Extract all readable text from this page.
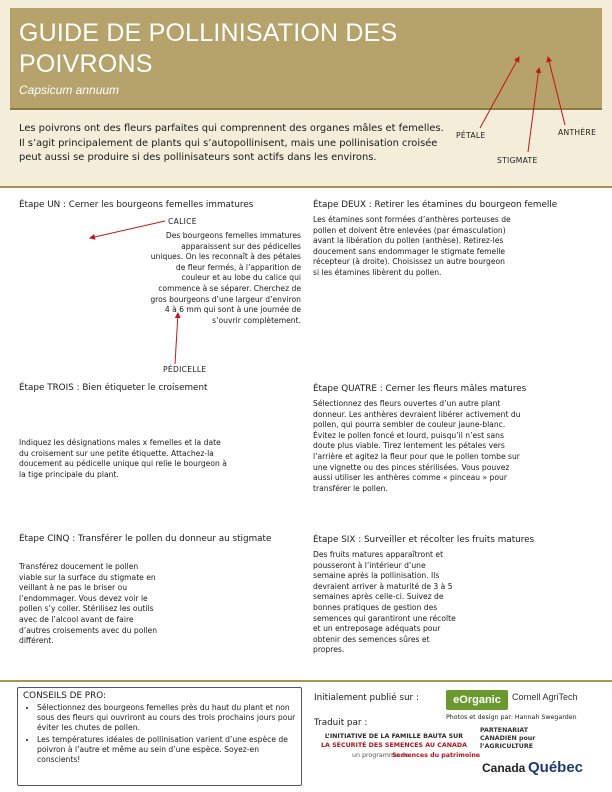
GUIDE DE POLLINISATION DES POIVRONS
Capsicum annuum
Les poivrons ont des fleurs parfaites qui comprennent des organes mâles et femelles. Il s’agit principalement de plants qui s’autopollinisent, mais une pollinisation croisée peut aussi se produire si des pollinisateurs sont actifs dans les environs.
PÉTALE	ANTHÈRE
STIGMATE
Étape UN : Cerner les bourgeons femelles immatures
CALICE
Des bourgeons femelles immatures apparaissent sur des pédicelles uniques. On les reconnaît à des pétales de fleur fermés, à l’apparition de couleur et au lobe du calice qui commence à se séparer. Cherchez de gros bourgeons d’une largeur d’environ 4 à 6 mm qui sont à une journée de s’ouvrir complètement.
PÉDICELLE
Étape DEUX : Retirer les étamines du bourgeon femelle
Les étamines sont formées d’anthères porteuses de pollen et doivent être enlevées (par émasculation) avant la libération du pollen (anthèse). Retirez-les doucement sans endommager le stigmate femelle récepteur (à droite). Choisissez un autre bourgeon si les étamines libèrent du pollen.
Étape TROIS : Bien étiqueter le croisement
Indiquez les désignations males x femelles et la date du croisement sur une petite étiquette. Attachez-la doucement au pédicelle unique qui relie le bourgeon à la tige principale du plant.
Étape QUATRE : Cerner les fleurs mâles matures
Sélectionnez des fleurs ouvertes d’un autre plant donneur. Les anthères devraient libérer activement du pollen, qui pourra sembler de couleur jaune-blanc. Évitez le pollen foncé et lourd, puisqu’il n’est sans doute plus viable. Tirez lentement les pétales vers l’arrière et agitez la fleur pour que le pollen tombe sur une vignette ou des pinces stérilisées. Vous pouvez aussi utiliser les anthères comme « pinceau » pour transférer le pollen.
Étape CINQ : Transférer le pollen du donneur au stigmate
Transférez doucement le pollen viable sur la surface du stigmate en veillant à ne pas le briser ou l’endommager. Vous devez voir le pollen s’y coller. Stérilisez les outils avec de l’alcool avant de faire d’autres croisements avec du pollen différent.
Étape SIX : Surveiller et récolter les fruits matures
Des fruits matures apparaîtront et pousseront à l’intérieur d’une semaine après la pollinisation. Ils devraient arriver à maturité de 3 à 5 semaines après celle-ci. Suivez de bonnes pratiques de gestion des semences qui garantiront une récolte et un entreposage adéquats pour obtenir des semences sûres et propres.
CONSEILS DE PRO:
• Sélectionnez des bourgeons femelles près du haut du plant et non sous des fleurs qui ouvriront au cours des trois prochains jours pour éviter les chutes de pollen.
• Les températures idéales de pollinisation varient d’une espèce de poivron à l’autre et même au sein d’une espèce. Soyez-en conscients!
Initialement publié sur :	eOrganic	Cornell AgriTech
Photos et design par: Hannah Swegarden
Traduit par :
L’INITIATIVE DE LA FAMILLE BAUTA SUR
LA SÉCURITÉ DES SEMENCES AU CANADA
un programme de
Semences du patrimoine
PARTENARIAT
CANADIEN pour
l’AGRICULTURE
Canada Québec
